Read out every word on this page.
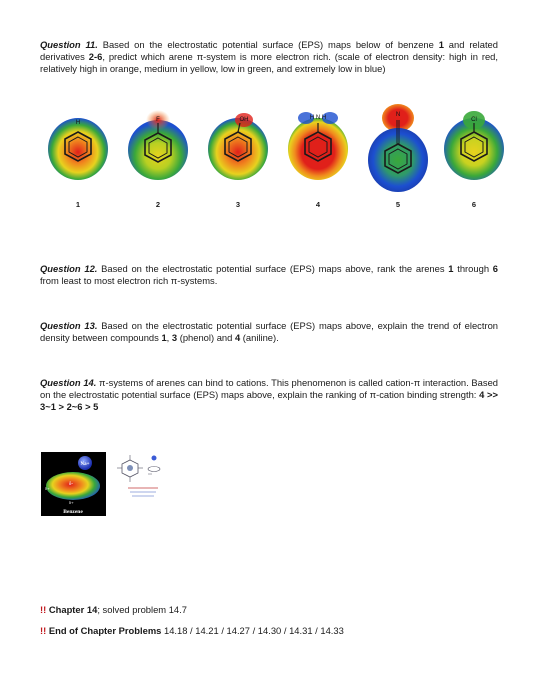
Question 11. Based on the electrostatic potential surface (EPS) maps below of benzene 1 and related derivatives 2-6, predict which arene π-system is more electron rich. (scale of electron density: high in red, relatively high in orange, medium in yellow, low in green, and extremely low in blue)
H	F	OH	H N H	N
Cl
1	2	3	4	5	6
Question 12. Based on the electrostatic potential surface (EPS) maps above, rank the arenes 1 through 6 from least to most electron rich π-systems.
Question 13. Based on the electrostatic potential surface (EPS) maps above, explain the trend of electron density between compounds 1, 3 (phenol) and 4 (aniline).
Question 14. π-systems of arenes can bind to cations. This phenomenon is called cation-π interaction. Based on the electrostatic potential surface (EPS) maps above, explain the ranking of π-cation binding strength: 4 >> 3~1 > 2~6 > 5
Na+
δ-
δ+
δ+
Benzene
!! Chapter 14; solved problem 14.7
!! End of Chapter Problems 14.18 / 14.21 / 14.27 / 14.30 / 14.31 / 14.33
